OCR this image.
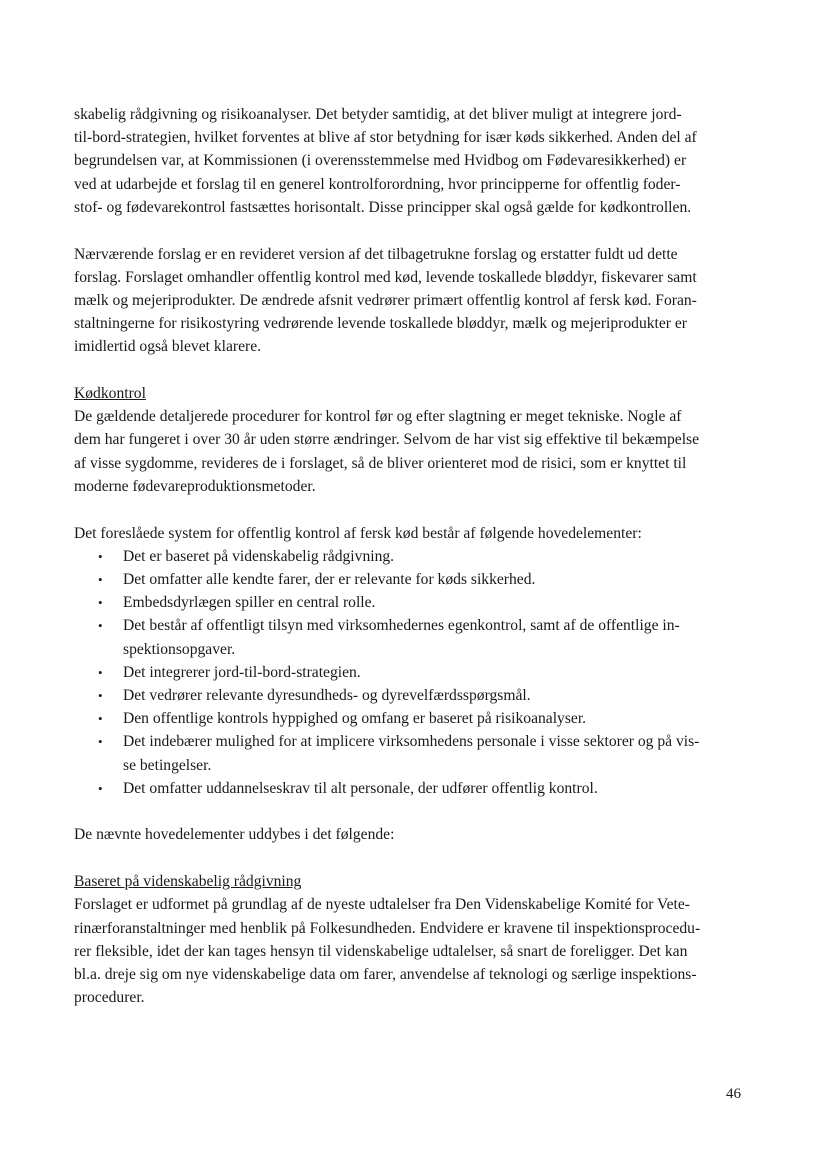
skabelig rådgivning og risikoanalyser. Det betyder samtidig, at det bliver muligt at integrere jord-
til-bord-strategien, hvilket forventes at blive af stor betydning for især køds sikkerhed. Anden del af
begrundelsen var, at Kommissionen (i overensstemmelse med Hvidbog om Fødevaresikkerhed) er
ved at udarbejde et forslag til en generel kontrolforordning, hvor principperne for offentlig foder-
stof- og fødevarekontrol fastsættes horisontalt. Disse principper skal også gælde for kødkontrollen.

Nærværende forslag er en revideret version af det tilbagetrukne forslag og erstatter fuldt ud dette
forslag. Forslaget omhandler offentlig kontrol med kød, levende toskallede bløddyr, fiskevarer samt
mælk og mejeriprodukter. De ændrede afsnit vedrører primært offentlig kontrol af fersk kød. Foran-
staltningerne for risikostyring vedrørende levende toskallede bløddyr, mælk og mejeriprodukter er
imidlertid også blevet klarere.

Kødkontrol

De gældende detaljerede procedurer for kontrol før og efter slagtning er meget tekniske. Nogle af
dem har fungeret i over 30 år uden større ændringer. Selvom de har vist sig effektive til bekæmpelse
af visse sygdomme, revideres de i forslaget, så de bliver orienteret mod de risici, som er knyttet til
moderne fødevareproduktionsmetoder.

Det foreslåede system for offentlig kontrol af fersk kød består af følgende hovedelementer:

• Det er baseret på videnskabelig rådgivning.
• Det omfatter alle kendte farer, der er relevante for køds sikkerhed.
• Embedsdyrlægen spiller en central rolle.
• Det består af offentligt tilsyn med virksomhedernes egenkontrol, samt af de offentlige in-
spektionsopgaver.
• Det integrerer jord-til-bord-strategien.
• Det vedrører relevante dyresundheds- og dyrevelfærdsspørgsmål.
• Den offentlige kontrols hyppighed og omfang er baseret på risikoanalyser.
• Det indebærer mulighed for at implicere virksomhedens personale i visse sektorer og på vis-
se betingelser.
• Det omfatter uddannelseskrav til alt personale, der udfører offentlig kontrol.

De nævnte hovedelementer uddybes i det følgende:

Baseret på videnskabelig rådgivning

Forslaget er udformet på grundlag af de nyeste udtalelser fra Den Videnskabelige Komité for Vete-
rinærforanstaltninger med henblik på Folkesundheden. Endvidere er kravene til inspektionsprocedu-
rer fleksible, idet der kan tages hensyn til videnskabelige udtalelser, så snart de foreligger. Det kan
bl.a. dreje sig om nye videnskabelige data om farer, anvendelse af teknologi og særlige inspektions-
procedurer.

46
